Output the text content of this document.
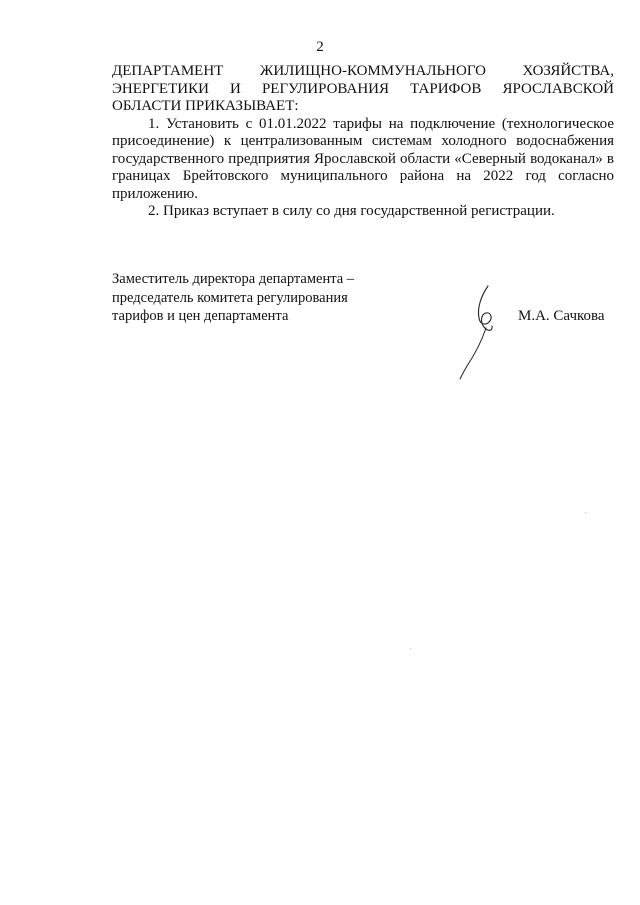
2
ДЕПАРТАМЕНТ ЖИЛИЩНО-КОММУНАЛЬНОГО ХОЗЯЙСТВА, ЭНЕРГЕТИКИ И РЕГУЛИРОВАНИЯ ТАРИФОВ ЯРОСЛАВСКОЙ ОБЛАСТИ ПРИКАЗЫВАЕТ:

1. Установить с 01.01.2022 тарифы на подключение (технологическое присоединение) к централизованным системам холодного водоснабжения государственного предприятия Ярославской области «Северный водоканал» в границах Брейтовского муниципального района на 2022 год согласно приложению.

2. Приказ вступает в силу со дня государственной регистрации.

Заместитель директора департамента –
председатель комитета регулирования
тарифов и цен департамента	М.А. Сачкова
